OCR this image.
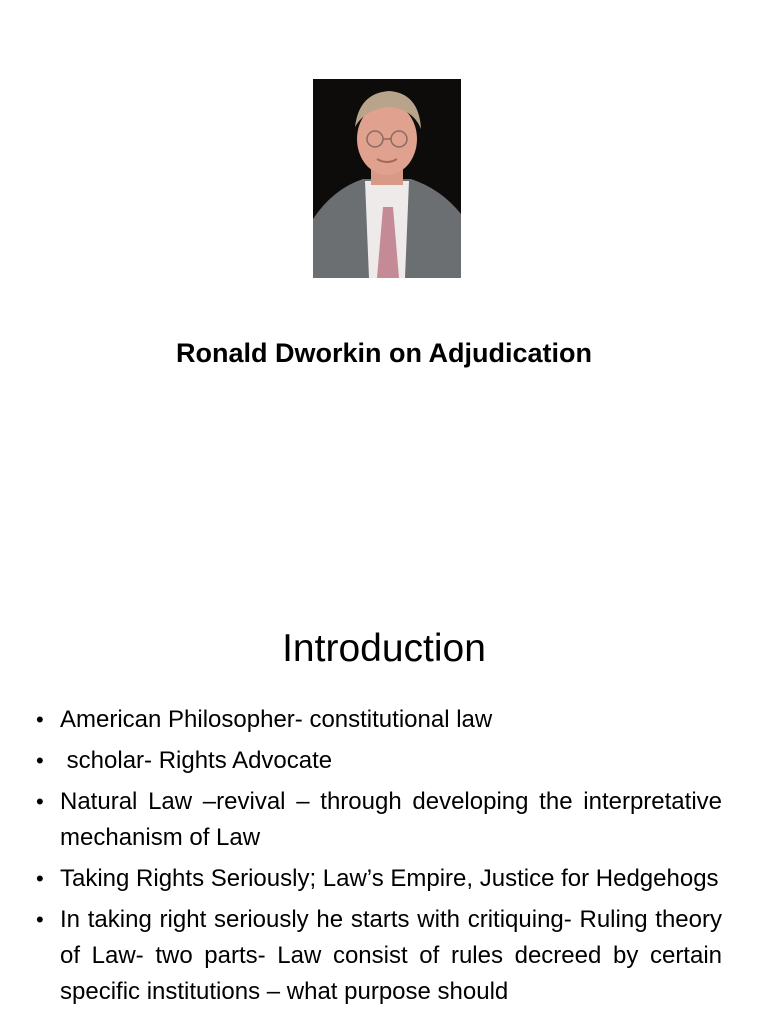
Ronald Dworkin on Adjudication
Introduction
• American Philosopher- constitutional law
• scholar- Rights Advocate
• Natural Law –revival – through developing the interpretative mechanism of Law
• Taking Rights Seriously; Law’s Empire, Justice for Hedgehogs
• In taking right seriously he starts with critiquing- Ruling theory of Law- two parts- Law consist of rules decreed by certain specific institutions – what purpose should
